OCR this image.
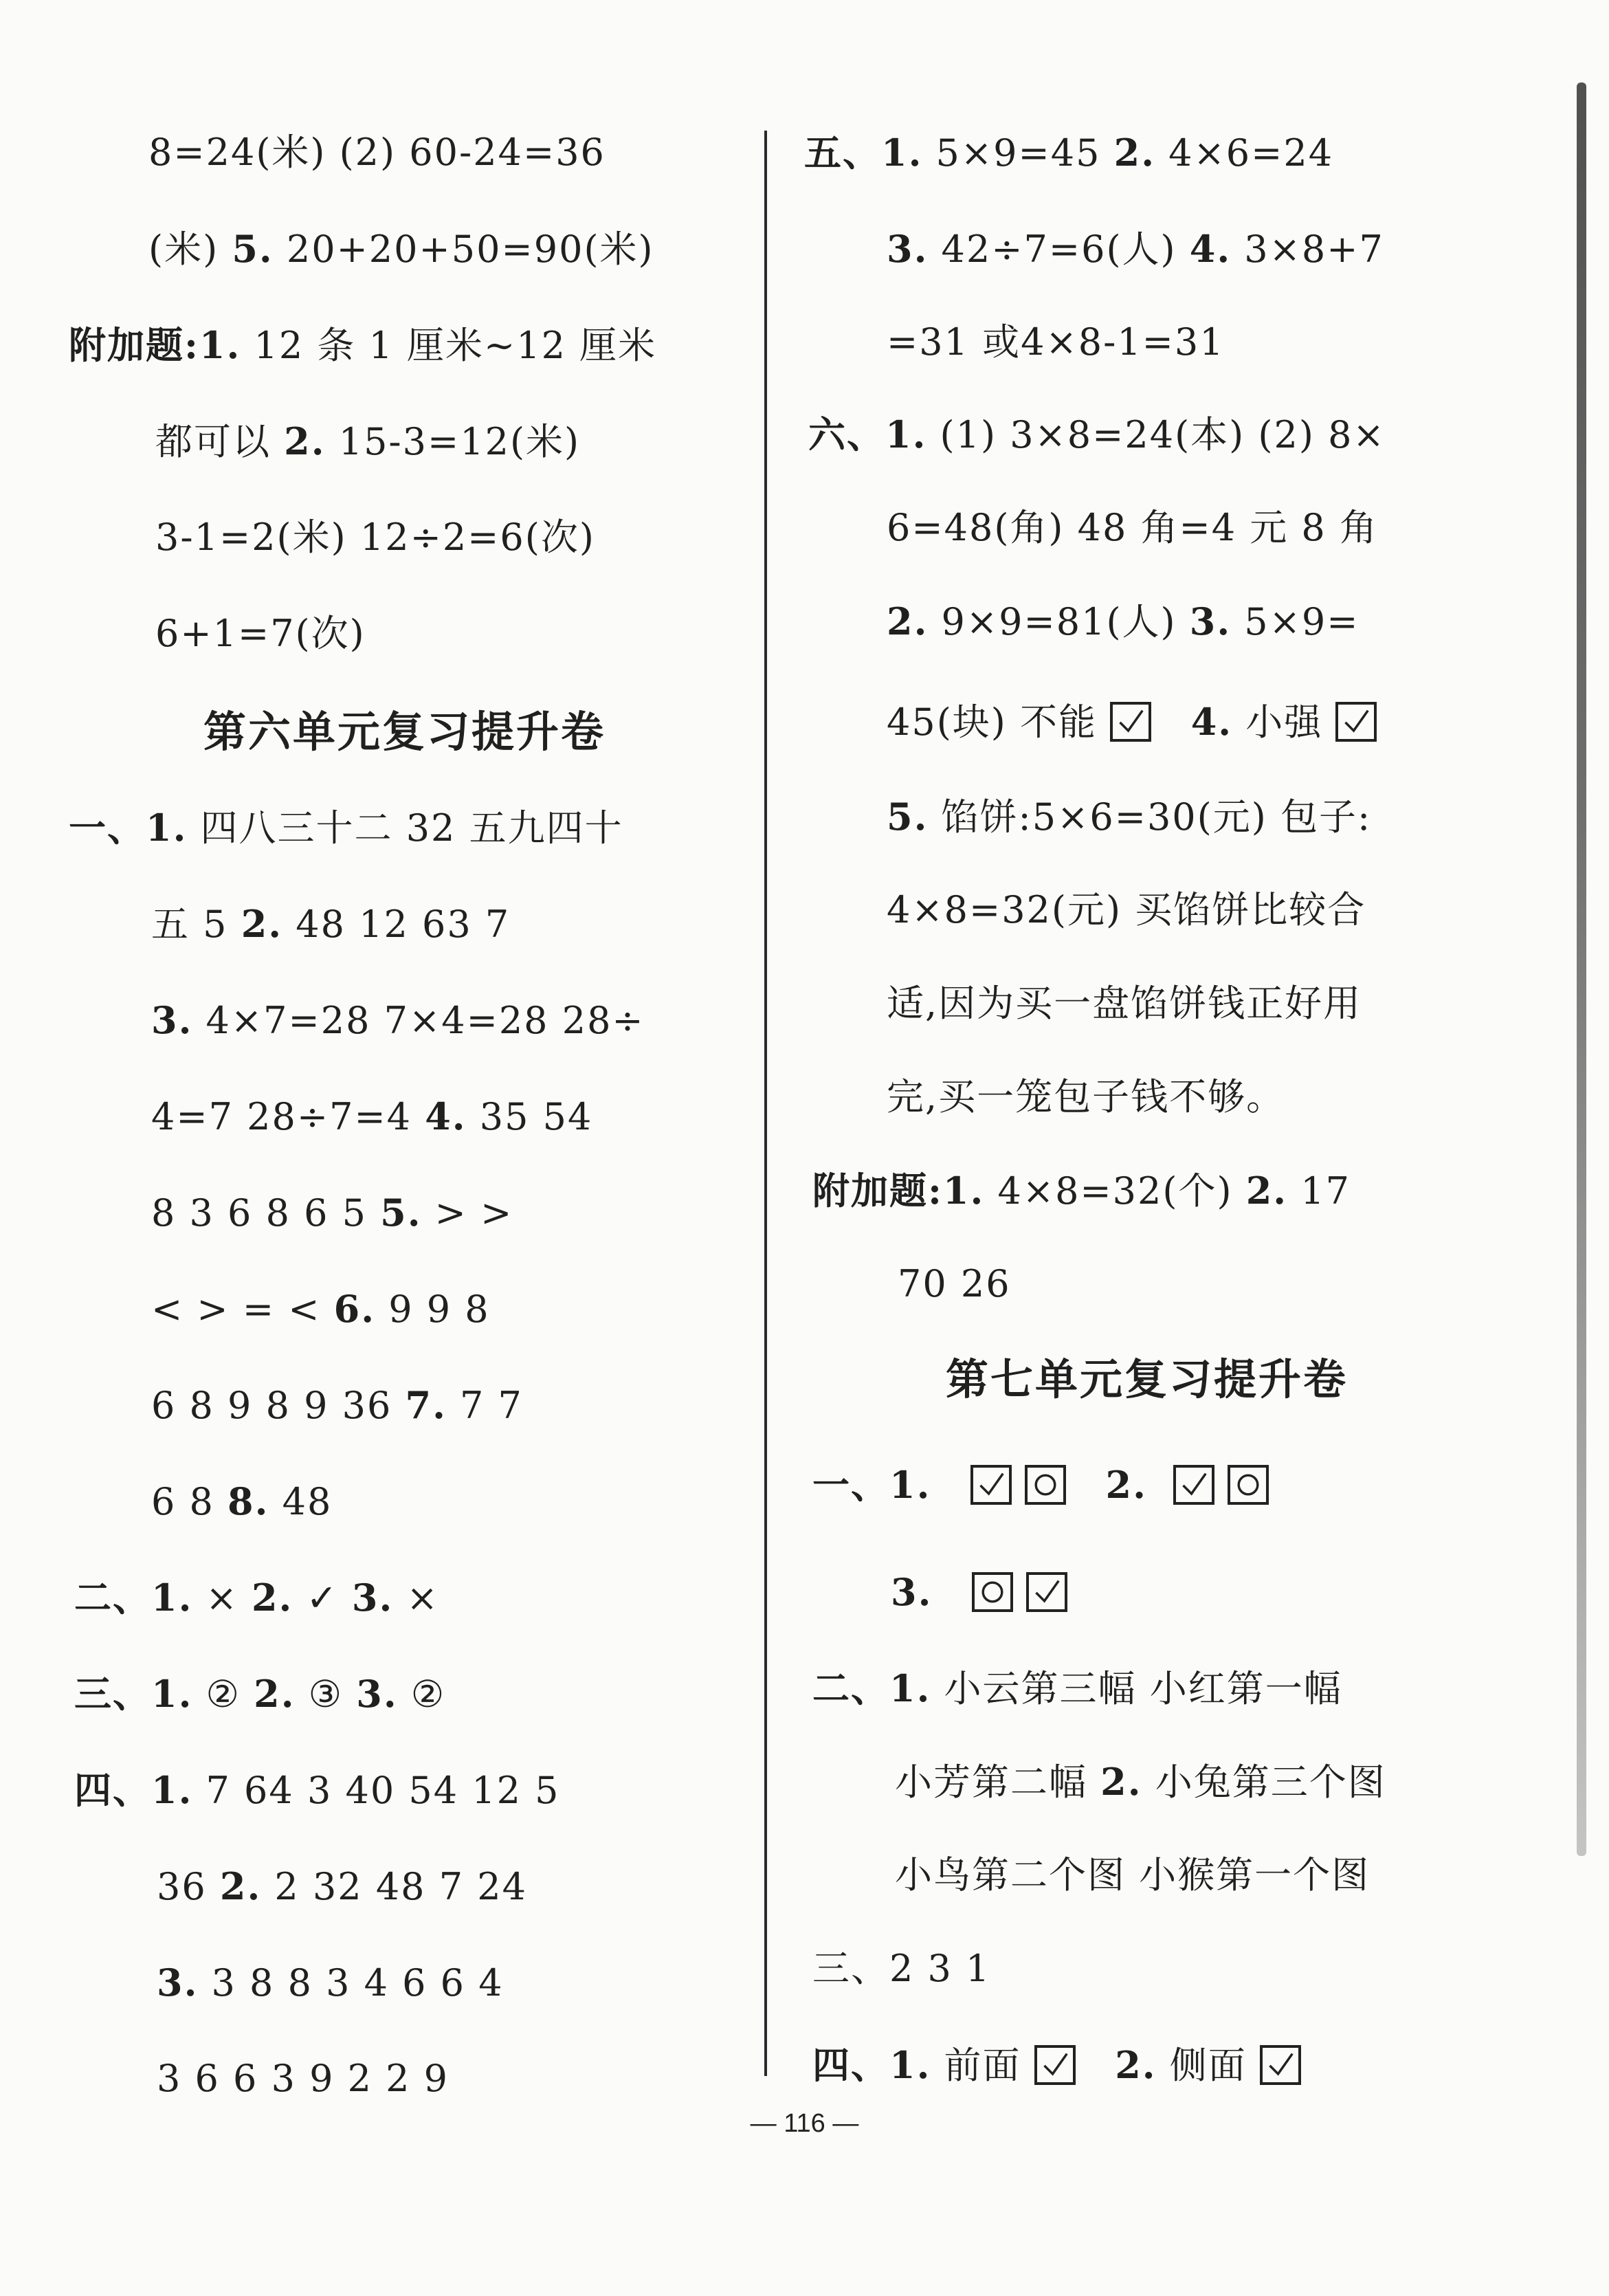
8=24(米) (2) 60-24=36
(米) 5. 20+20+50=90(米)
附加题:1. 12 条 1 厘米~12 厘米
都可以 2. 15-3=12(米)
3-1=2(米) 12÷2=6(次)
6+1=7(次)
第六单元复习提升卷
一、1. 四八三十二 32 五九四十
五 5 2. 48 12 63 7
3. 4×7=28 7×4=28 28÷
4=7 28÷7=4 4. 35 54
8 3 6 8 6 5 5. > >
< > = < 6. 9 9 8
6 8 9 8 9 36 7. 7 7
6 8 8. 48
二、1. × 2. ✓ 3. ×
三、1. ② 2. ③ 3. ②
四、1. 7 64 3 40 54 12 5
36 2. 2 32 48 7 24
3. 3 8 8 3 4 6 6 4
3 6 6 3 9 2 2 9
五、1. 5×9=45 2. 4×6=24
3. 42÷7=6(人) 4. 3×8+7
=31 或4×8-1=31
六、1. (1) 3×8=24(本) (2) 8×
6=48(角) 48 角=4 元 8 角
2. 9×9=81(人) 3. 5×9=
45(块) 不能	4. 小强
5. 馅饼:5×6=30(元) 包子:
4×8=32(元) 买馅饼比较合
适,因为买一盘馅饼钱正好用
完,买一笼包子钱不够。
附加题:1. 4×8=32(个) 2. 17
70 26
第七单元复习提升卷
一、1.
	2.

3.

二、1. 小云第三幅 小红第一幅
小芳第二幅 2. 小兔第三个图
小鸟第二个图 小猴第一个图
三、2 3 1
四、1. 前面	2. 侧面
— 116 —
